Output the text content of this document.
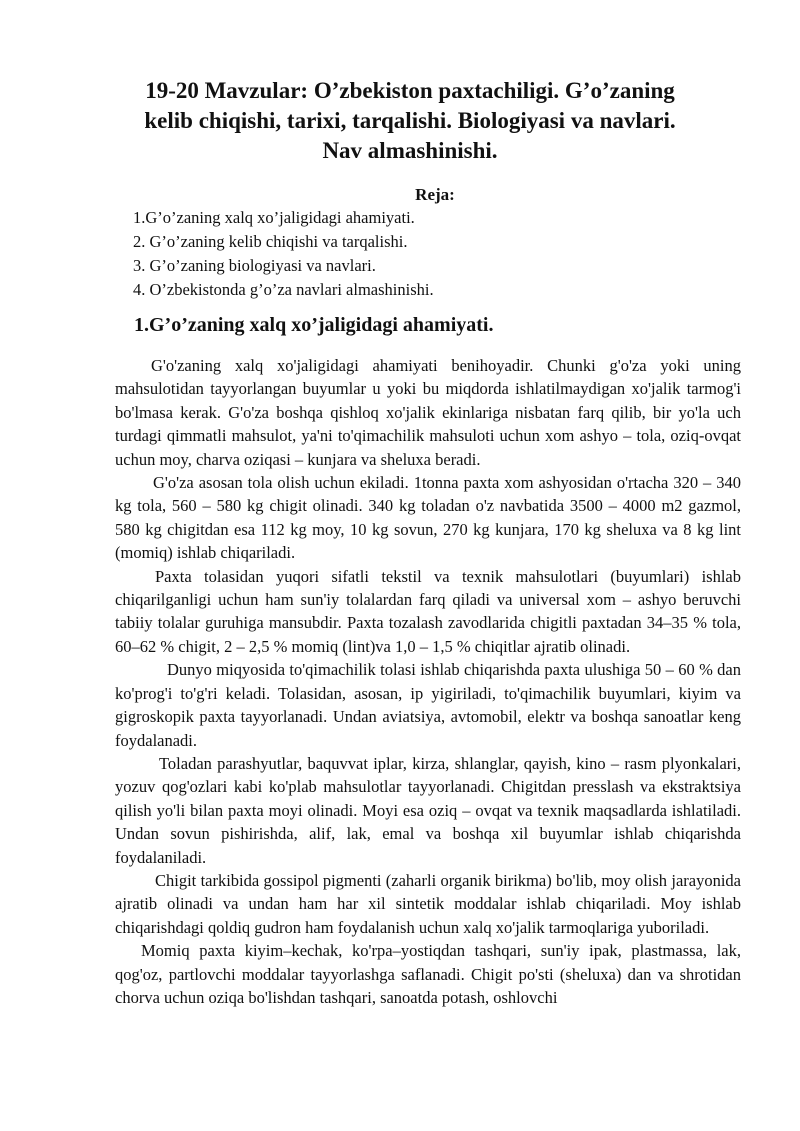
19-20 Mavzular: O’zbekiston paxtachiligi. G’o’zaning kelib chiqishi, tarixi, tarqalishi. Biologiyasi va navlari. Nav almashinishi.
Reja:
1.G’o’zaning xalq xo’jaligidagi ahamiyati.
2. G’o’zaning kelib chiqishi va tarqalishi.
3. G’o’zaning biologiyasi va navlari.
4. O’zbekistonda g’o’za navlari almashinishi.
1.G’o’zaning xalq xo’jaligidagi ahamiyati.

G'o'zaning xalq xo'jaligidagi ahamiyati benihoyadir. Chunki g'o'za yoki uning mahsulotidan tayyorlangan buyumlar u yoki bu miqdorda ishlatilmaydigan xo'jalik tarmog'i bo'lmasa kerak. G'o'za boshqa qishloq xo'jalik ekinlariga nisbatan farq qilib, bir yo'la uch turdagi qimmatli mahsulot, ya'ni to'qimachilik mahsuloti uchun xom ashyo – tola, oziq-ovqat uchun moy, charva oziqasi – kunjara va sheluxa beradi.

G'o'za asosan tola olish uchun ekiladi. 1tonna paxta xom ashyosidan o'rtacha 320 – 340 kg tola, 560 – 580 kg chigit olinadi. 340 kg toladan o'z navbatida 3500 – 4000 m2 gazmol, 580 kg chigitdan esa 112 kg moy, 10 kg sovun, 270 kg kunjara, 170 kg sheluxa va 8 kg lint (momiq) ishlab chiqariladi.

Paxta tolasidan yuqori sifatli tekstil va texnik mahsulotlari (buyumlari) ishlab chiqarilganligi uchun ham sun'iy tolalardan farq qiladi va universal xom – ashyo beruvchi tabiiy tolalar guruhiga mansubdir. Paxta tozalash zavodlarida chigitli paxtadan 34–35 % tola, 60–62 % chigit, 2 – 2,5 % momiq (lint)va 1,0 – 1,5 % chiqitlar ajratib olinadi.

Dunyo miqyosida to'qimachilik tolasi ishlab chiqarishda paxta ulushiga 50 – 60 % dan ko'prog'i to'g'ri keladi. Tolasidan, asosan, ip yigiriladi, to'qimachilik buyumlari, kiyim va gigroskopik paxta tayyorlanadi. Undan aviatsiya, avtomobil, elektr va boshqa sanoatlar keng foydalanadi.

Toladan parashyutlar, baquvvat iplar, kirza, shlanglar, qayish, kino – rasm plyonkalari, yozuv qog'ozlari kabi ko'plab mahsulotlar tayyorlanadi. Chigitdan presslash va ekstraktsiya qilish yo'li bilan paxta moyi olinadi. Moyi esa oziq – ovqat va texnik maqsadlarda ishlatiladi. Undan sovun pishirishda, alif, lak, emal va boshqa xil buyumlar ishlab chiqarishda foydalaniladi.

Chigit tarkibida gossipol pigmenti (zaharli organik birikma) bo'lib, moy olish jarayonida ajratib olinadi va undan ham har xil sintetik moddalar ishlab chiqariladi. Moy ishlab chiqarishdagi qoldiq gudron ham foydalanish uchun xalq xo'jalik tarmoqlariga yuboriladi.

Momiq paxta kiyim–kechak, ko'rpa–yostiqdan tashqari, sun'iy ipak, plastmassa, lak, qog'oz, partlovchi moddalar tayyorlashga saflanadi. Chigit po'sti (sheluxa) dan va shrotidan chorva uchun oziqa bo'lishdan tashqari, sanoatda potash, oshlovchi
